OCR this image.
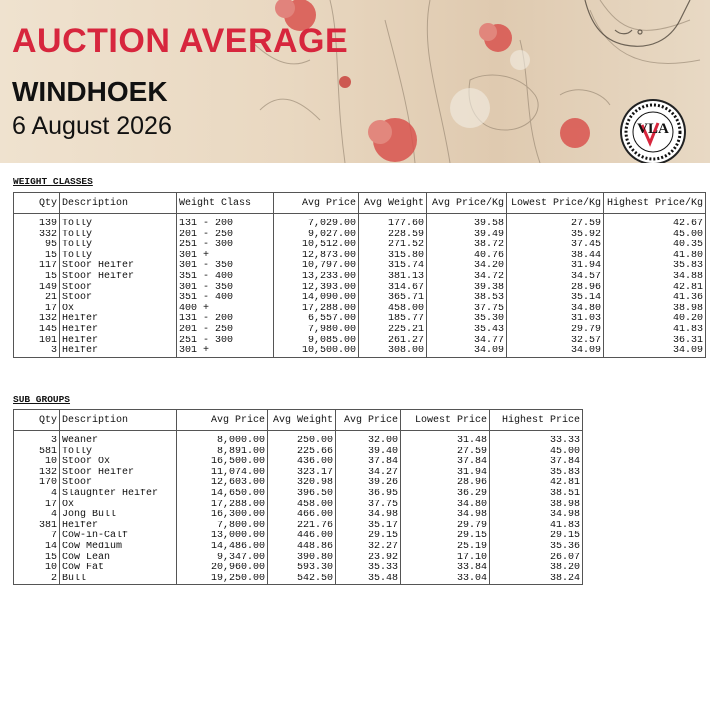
AUCTION AVERAGE
WINDHOEK
6 August 2026	VLA
WEIGHT CLASSES
Qty	Description	Weight Class	Avg Price	Avg Weight	Avg Price/Kg	Lowest Price/Kg	Highest Price/Kg

139	Tolly	131 - 200	7,029.00	177.60	39.58	27.59	42.67
332	Tolly	201 - 250	9,027.00	228.59	39.49	35.92	45.00
95	Tolly	251 - 300	10,512.00	271.52	38.72	37.45	40.35
15	Tolly	301 +	12,873.00	315.80	40.76	38.44	41.80
117	Stoor Heifer	301 - 350	10,797.00	315.74	34.20	31.94	35.83
15	Stoor Heifer	351 - 400	13,233.00	381.13	34.72	34.57	34.88
149	Stoor	301 - 350	12,393.00	314.67	39.38	28.96	42.81
21	Stoor	351 - 400	14,090.00	365.71	38.53	35.14	41.36
17	Ox	400 +	17,288.00	458.00	37.75	34.80	38.98
132	Heifer	131 - 200	6,557.00	185.77	35.30	31.03	40.20
145	Heifer	201 - 250	7,980.00	225.21	35.43	29.79	41.83
101	Heifer	251 - 300	9,085.00	261.27	34.77	32.57	36.31
3	Heifer	301 +	10,500.00	308.00	34.09	34.09	34.09
SUB GROUPS
Qty	Description	Avg Price	Avg Weight	Avg Price	Lowest Price	Highest Price

3	Weaner	8,000.00	250.00	32.00	31.48	33.33
581	Tolly	8,891.00	225.66	39.40	27.59	45.00
10	Stoor Ox	16,500.00	436.00	37.84	37.84	37.84
132	Stoor Heifer	11,074.00	323.17	34.27	31.94	35.83
170	Stoor	12,603.00	320.98	39.26	28.96	42.81
4	Slaughter Heifer	14,650.00	396.50	36.95	36.29	38.51
17	Ox	17,288.00	458.00	37.75	34.80	38.98
4	Jong Bull	16,300.00	466.00	34.98	34.98	34.98
381	Heifer	7,800.00	221.76	35.17	29.79	41.83
7	Cow-in-Calf	13,000.00	446.00	29.15	29.15	29.15
14	Cow Medium	14,486.00	448.86	32.27	25.19	35.36
15	Cow Lean	9,347.00	390.80	23.92	17.10	26.07
10	Cow Fat	20,960.00	593.30	35.33	33.84	38.20
2	Bull	19,250.00	542.50	35.48	33.04	38.24
